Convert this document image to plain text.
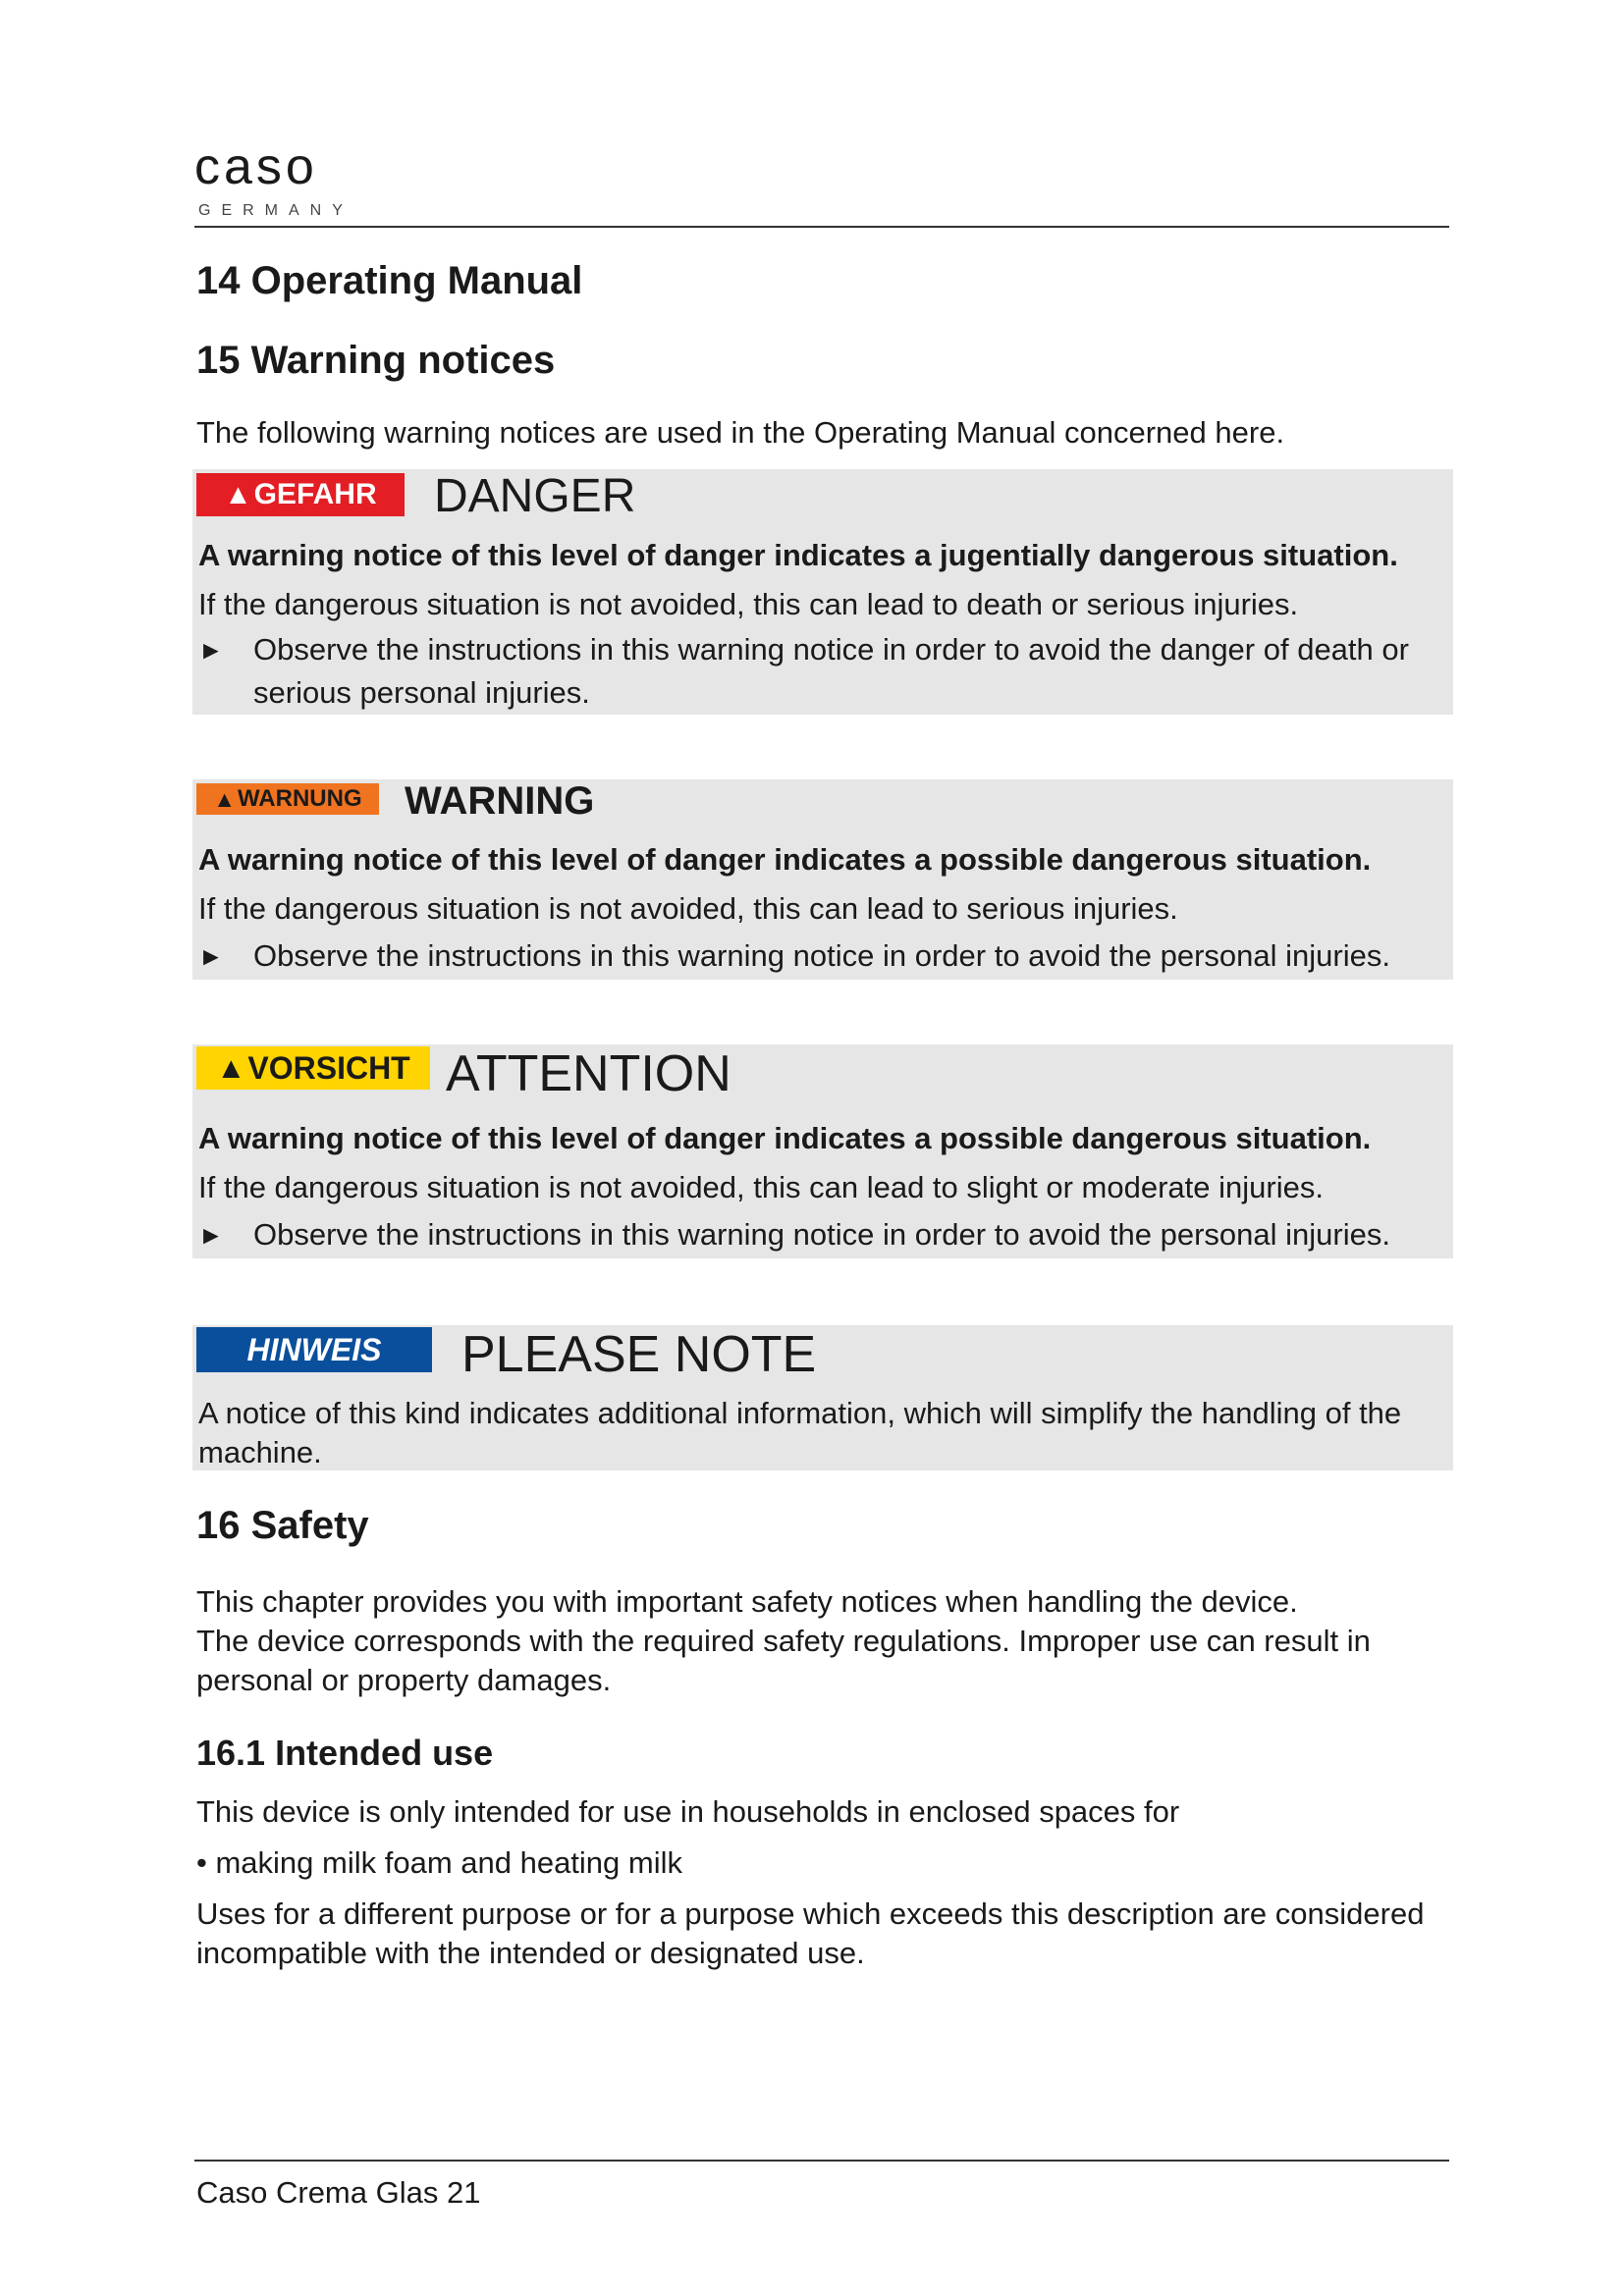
caso
GERMANY
14 Operating Manual
15 Warning notices

The following warning notices are used in the Operating Manual concerned here.

▲ GEFAHR DANGER
A warning notice of this level of danger indicates a jugentially dangerous situation.
If the dangerous situation is not avoided, this can lead to death or serious injuries.
► Observe the instructions in this warning notice in order to avoid the danger of death or serious personal injuries.
▲ WARNUNG WARNING
A warning notice of this level of danger indicates a possible dangerous situation.
If the dangerous situation is not avoided, this can lead to serious injuries.
► Observe the instructions in this warning notice in order to avoid the personal injuries.
▲ VORSICHT ATTENTION
A warning notice of this level of danger indicates a possible dangerous situation.
If the dangerous situation is not avoided, this can lead to slight or moderate injuries.
► Observe the instructions in this warning notice in order to avoid the personal injuries.
HINWEIS PLEASE NOTE
A notice of this kind indicates additional information, which will simplify the handling of the machine.
16 Safety

This chapter provides you with important safety notices when handling the device.

The device corresponds with the required safety regulations. Improper use can result in personal or property damages.

16.1 Intended use

This device is only intended for use in households in enclosed spaces for

• making milk foam and heating milk

Uses for a different purpose or for a purpose which exceeds this description are considered incompatible with the intended or designated use.

Caso Crema Glas 21
